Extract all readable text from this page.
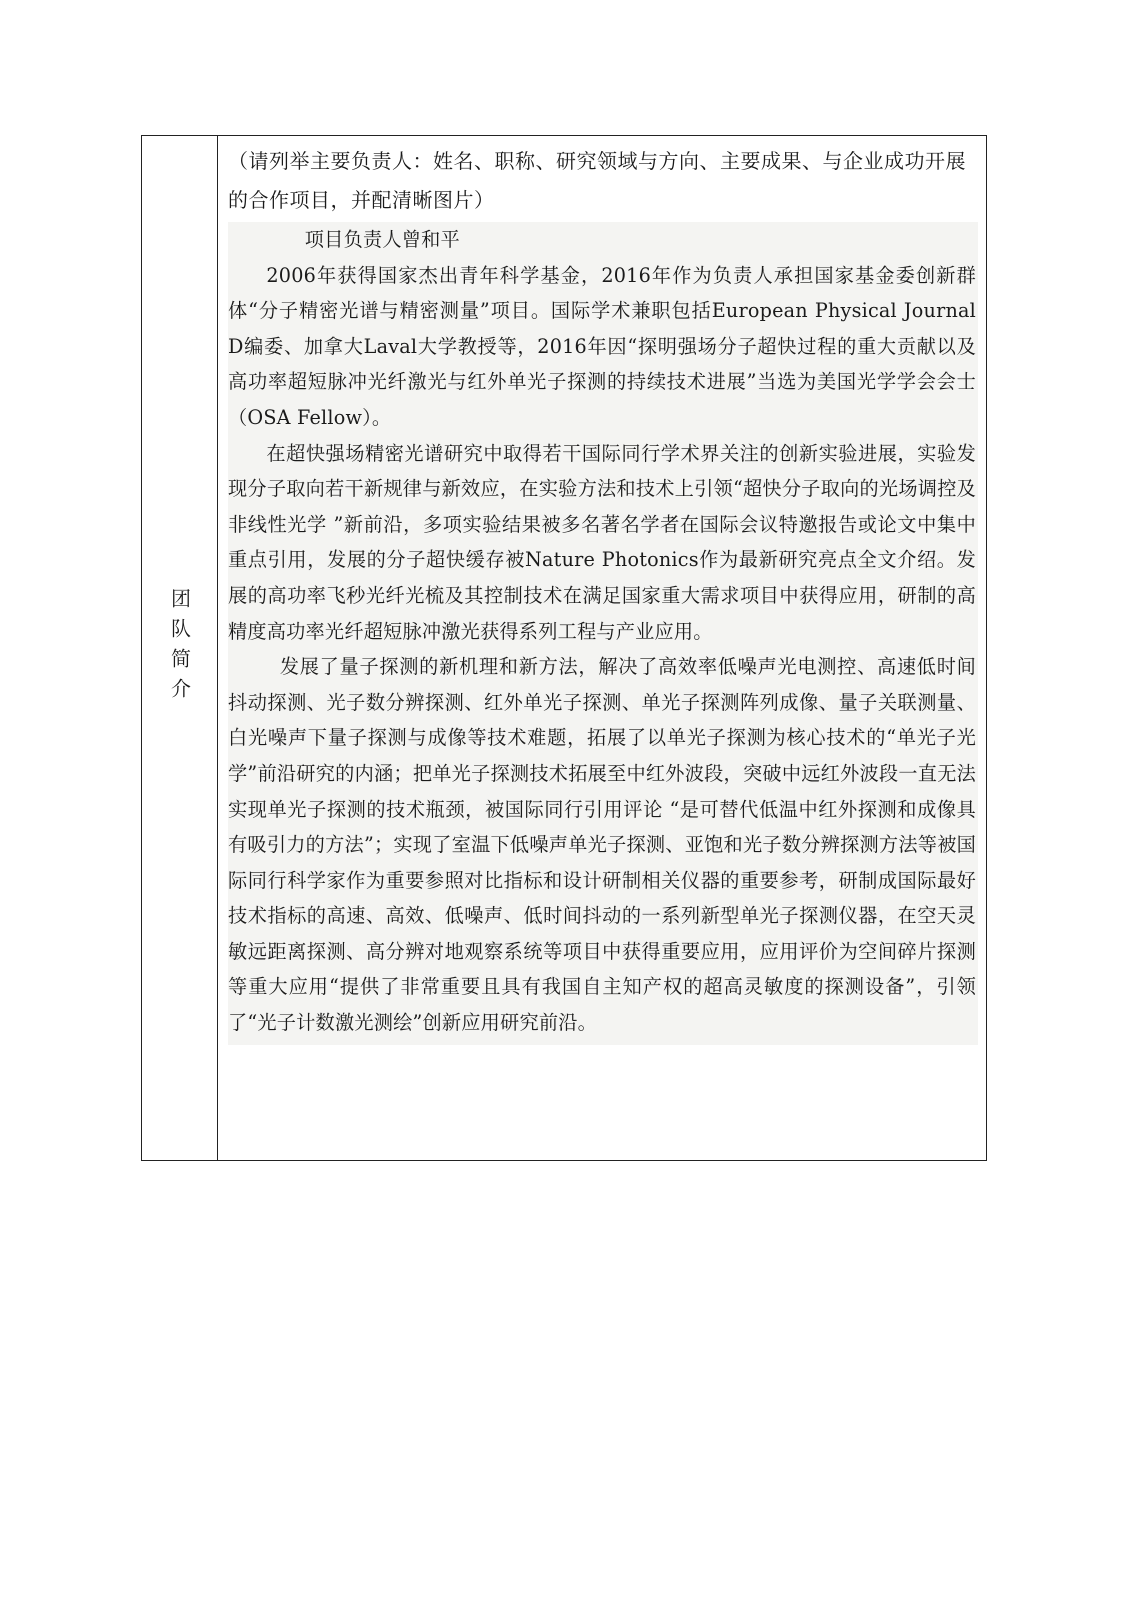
团队简介
（请列举主要负责人：姓名、职称、研究领域与方向、主要成果、与企业成功开展的合作项目，并配清晰图片）

项目负责人曾和平

2006年获得国家杰出青年科学基金，2016年作为负责人承担国家基金委创新群体“分子精密光谱与精密测量”项目。国际学术兼职包括European Physical Journal D编委、加拿大Laval大学教授等，2016年因“探明强场分子超快过程的重大贡献以及高功率超短脉冲光纤激光与红外单光子探测的持续技术进展”当选为美国光学学会会士（OSA Fellow）。

在超快强场精密光谱研究中取得若干国际同行学术界关注的创新实验进展，实验发现分子取向若干新规律与新效应，在实验方法和技术上引领“超快分子取向的光场调控及非线性光学 ”新前沿，多项实验结果被多名著名学者在国际会议特邀报告或论文中集中重点引用，发展的分子超快缓存被Nature Photonics作为最新研究亮点全文介绍。发展的高功率飞秒光纤光梳及其控制技术在满足国家重大需求项目中获得应用，研制的高精度高功率光纤超短脉冲激光获得系列工程与产业应用。

发展了量子探测的新机理和新方法，解决了高效率低噪声光电测控、高速低时间抖动探测、光子数分辨探测、红外单光子探测、单光子探测阵列成像、量子关联测量、白光噪声下量子探测与成像等技术难题，拓展了以单光子探测为核心技术的“单光子光学”前沿研究的内涵；把单光子探测技术拓展至中红外波段，突破中远红外波段一直无法实现单光子探测的技术瓶颈，被国际同行引用评论 “是可替代低温中红外探测和成像具有吸引力的方法”；实现了室温下低噪声单光子探测、亚饱和光子数分辨探测方法等被国际同行科学家作为重要参照对比指标和设计研制相关仪器的重要参考，研制成国际最好技术指标的高速、高效、低噪声、低时间抖动的一系列新型单光子探测仪器，在空天灵敏远距离探测、高分辨对地观察系统等项目中获得重要应用，应用评价为空间碎片探测等重大应用“提供了非常重要且具有我国自主知产权的超高灵敏度的探测设备”，引领了“光子计数激光测绘”创新应用研究前沿。
